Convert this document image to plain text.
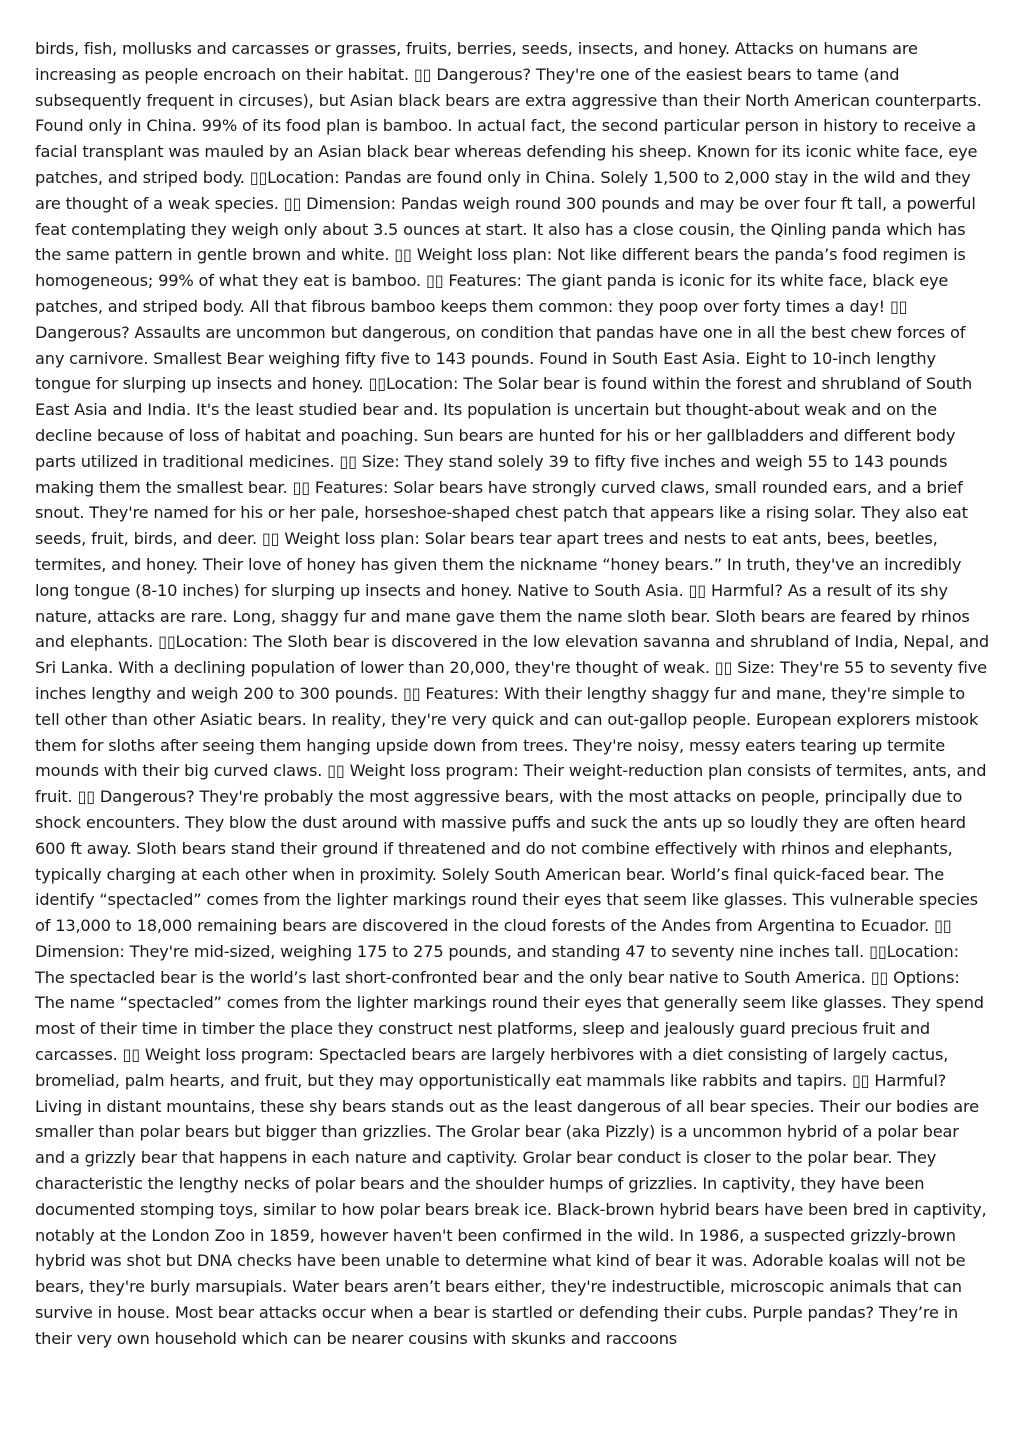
birds, fish, mollusks and carcasses or grasses, fruits, berries, seeds, insects, and honey. Attacks on humans are increasing as people encroach on their habitat. ▯▯ Dangerous? They're one of the easiest bears to tame (and subsequently frequent in circuses), but Asian black bears are extra aggressive than their North American counterparts. Found only in China. 99% of its food plan is bamboo. In actual fact, the second particular person in history to receive a facial transplant was mauled by an Asian black bear whereas defending his sheep. Known for its iconic white face, eye patches, and striped body. ▯▯Location: Pandas are found only in China. Solely 1,500 to 2,000 stay in the wild and they are thought of a weak species. ▯▯ Dimension: Pandas weigh round 300 pounds and may be over four ft tall, a powerful feat contemplating they weigh only about 3.5 ounces at start. It also has a close cousin, the Qinling panda which has the same pattern in gentle brown and white. ▯▯ Weight loss plan: Not like different bears the panda’s food regimen is homogeneous; 99% of what they eat is bamboo. ▯▯ Features: The giant panda is iconic for its white face, black eye patches, and striped body. All that fibrous bamboo keeps them common: they poop over forty times a day! ▯▯ Dangerous? Assaults are uncommon but dangerous, on condition that pandas have one in all the best chew forces of any carnivore. Smallest Bear weighing fifty five to 143 pounds. Found in South East Asia. Eight to 10-inch lengthy tongue for slurping up insects and honey. ▯▯Location: The Solar bear is found within the forest and shrubland of South East Asia and India. It's the least studied bear and. Its population is uncertain but thought-about weak and on the decline because of loss of habitat and poaching. Sun bears are hunted for his or her gallbladders and different body parts utilized in traditional medicines. ▯▯ Size: They stand solely 39 to fifty five inches and weigh 55 to 143 pounds making them the smallest bear. ▯▯ Features: Solar bears have strongly curved claws, small rounded ears, and a brief snout. They're named for his or her pale, horseshoe-shaped chest patch that appears like a rising solar. They also eat seeds, fruit, birds, and deer. ▯▯ Weight loss plan: Solar bears tear apart trees and nests to eat ants, bees, beetles, termites, and honey. Their love of honey has given them the nickname “honey bears.” In truth, they've an incredibly long tongue (8-10 inches) for slurping up insects and honey. Native to South Asia. ▯▯ Harmful? As a result of its shy nature, attacks are rare. Long, shaggy fur and mane gave them the name sloth bear. Sloth bears are feared by rhinos and elephants. ▯▯Location: The Sloth bear is discovered in the low elevation savanna and shrubland of India, Nepal, and Sri Lanka. With a declining population of lower than 20,000, they're thought of weak. ▯▯ Size: They're 55 to seventy five inches lengthy and weigh 200 to 300 pounds. ▯▯ Features: With their lengthy shaggy fur and mane, they're simple to tell other than other Asiatic bears. In reality, they're very quick and can out-gallop people. European explorers mistook them for sloths after seeing them hanging upside down from trees. They're noisy, messy eaters tearing up termite mounds with their big curved claws. ▯▯ Weight loss program: Their weight-reduction plan consists of termites, ants, and fruit. ▯▯ Dangerous? They're probably the most aggressive bears, with the most attacks on people, principally due to shock encounters. They blow the dust around with massive puffs and suck the ants up so loudly they are often heard 600 ft away. Sloth bears stand their ground if threatened and do not combine effectively with rhinos and elephants, typically charging at each other when in proximity. Solely South American bear. World’s final quick-faced bear. The identify “spectacled” comes from the lighter markings round their eyes that seem like glasses. This vulnerable species of 13,000 to 18,000 remaining bears are discovered in the cloud forests of the Andes from Argentina to Ecuador. ▯▯ Dimension: They're mid-sized, weighing 175 to 275 pounds, and standing 47 to seventy nine inches tall. ▯▯Location: The spectacled bear is the world’s last short-confronted bear and the only bear native to South America. ▯▯ Options: The name “spectacled” comes from the lighter markings round their eyes that generally seem like glasses. They spend most of their time in timber the place they construct nest platforms, sleep and jealously guard precious fruit and carcasses. ▯▯ Weight loss program: Spectacled bears are largely herbivores with a diet consisting of largely cactus, bromeliad, palm hearts, and fruit, but they may opportunistically eat mammals like rabbits and tapirs. ▯▯ Harmful? Living in distant mountains, these shy bears stands out as the least dangerous of all bear species. Their our bodies are smaller than polar bears but bigger than grizzlies. The Grolar bear (aka Pizzly) is a uncommon hybrid of a polar bear and a grizzly bear that happens in each nature and captivity. Grolar bear conduct is closer to the polar bear. They characteristic the lengthy necks of polar bears and the shoulder humps of grizzlies. In captivity, they have been documented stomping toys, similar to how polar bears break ice. Black-brown hybrid bears have been bred in captivity, notably at the London Zoo in 1859, however haven't been confirmed in the wild. In 1986, a suspected grizzly-brown hybrid was shot but DNA checks have been unable to determine what kind of bear it was. Adorable koalas will not be bears, they're burly marsupials. Water bears aren’t bears either, they're indestructible, microscopic animals that can survive in house. Most bear attacks occur when a bear is startled or defending their cubs. Purple pandas? They’re in their very own household which can be nearer cousins with skunks and raccoons
